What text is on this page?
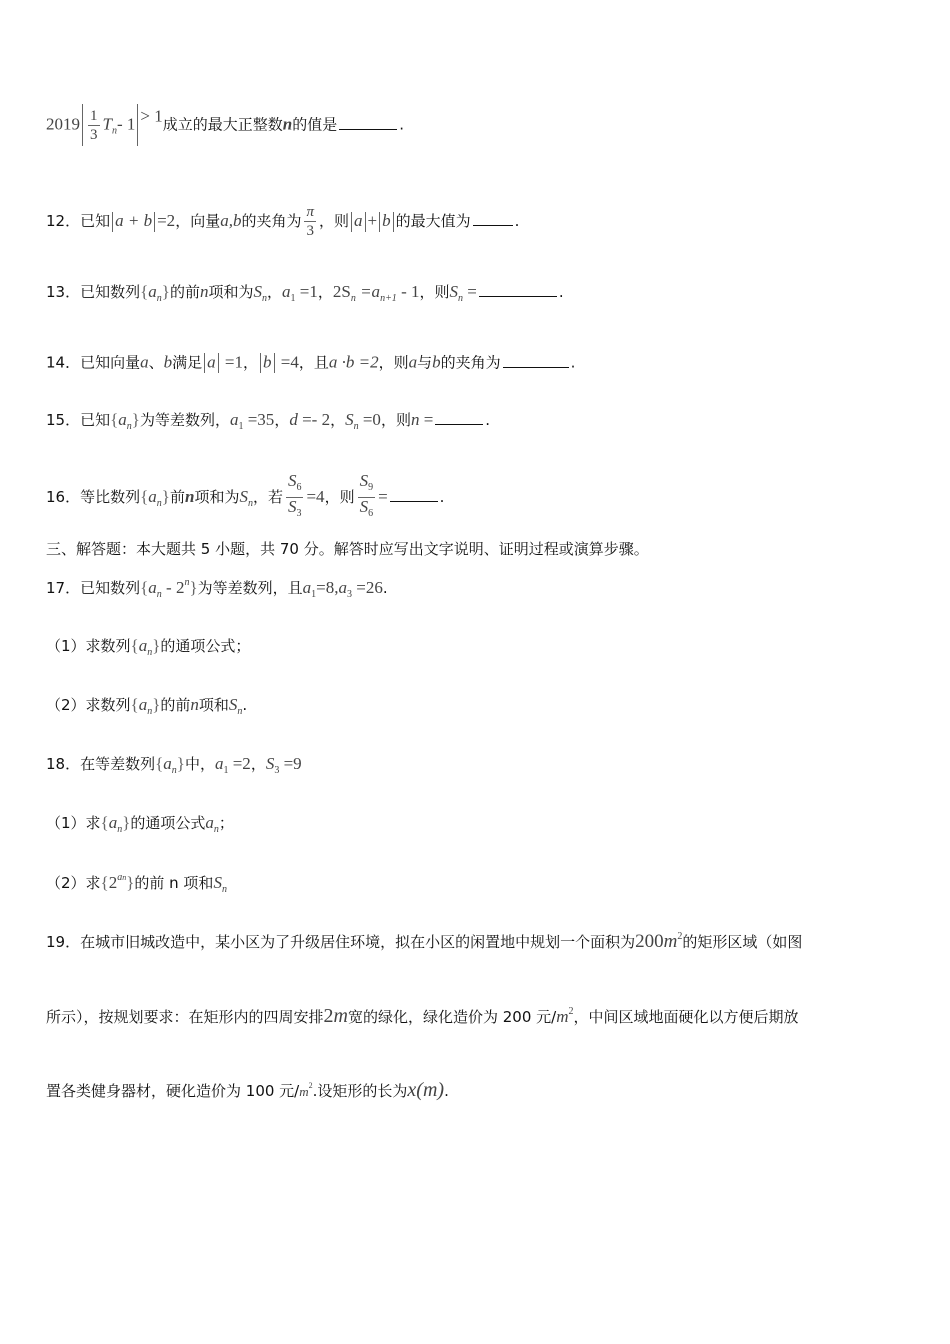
$2019 \frac{1}{3} T_n-$ 1 > 1成立的最大正整数n的值是	.
12．已知 a + b =2，向量a,b的夹角为 $\frac{\pi}{3}$ ，则 a + b 的最大值为	.
13．已知数列$\{a_n\}$的前n项和为$S_n$，$a_1 =1$，$2S_n =a_{n+1} - 1$，则$S_n$ =	.
14．已知向量a、b满足 a =1， b =4，且a ·b =2，则a与b的夹角为	.
15．已知$\{a_n\}$为等差数列，$a_1 =35$，d =- 2，$S_n =0$，则n =	.
16．等比数列$\{a_n\}$前n项和为$S_n$，若 $\frac{S_6}{S_3} =4$，则 $\frac{S_9}{S_6}$ =	.
三、解答题：本大题共 5 小题，共 70 分。解答时应写出文字说明、证明过程或演算步骤。
17．已知数列$\{a_n - 2^n\}$为等差数列，且$a_1=8,a_3 =26$.
（1）求数列$\{a_n\}$的通项公式；
（2）求数列$\{a_n\}$的前n项和$S_n$.
18．在等差数列$\{a_n\}$中，$a_1 =2$，$S_3 =9$
（1）求$\{a_n\}$的通项公式$a_n$；
（2）求$\{2^{an}\}$的前 n 项和$S_n$
19．在城市旧城改造中，某小区为了升级居住环境，拟在小区的闲置地中规划一个面积为$200m^2$的矩形区域（如图
所示），按规划要求：在矩形内的四周安排2m宽的绿化，绿化造价为 200 元$/m^2$，中间区域地面硬化以方便后期放
置各类健身器材，硬化造价为 100 元$/m^2$.设矩形的长为x(m).
